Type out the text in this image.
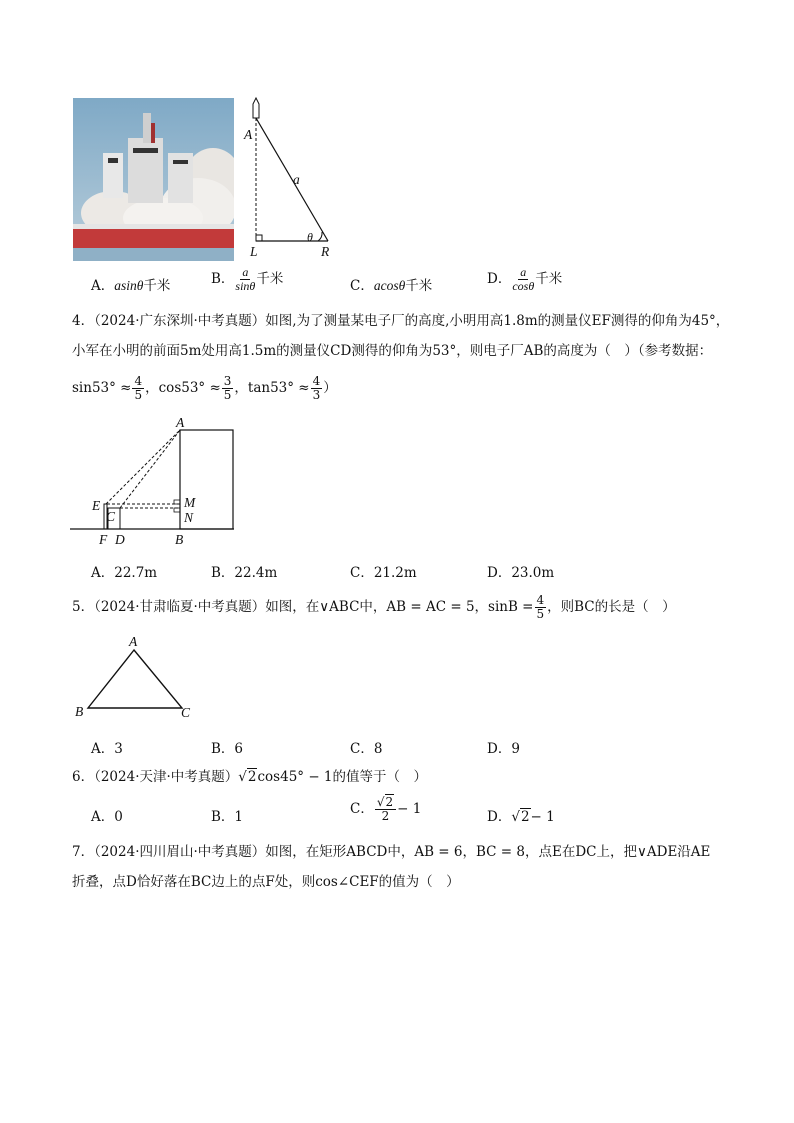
A
a
θ
L	R
A．asinθ千米	B． $\frac{a}{\sin\theta}$ 千米	C．acosθ千米	D． $\frac{a}{\cos\theta}$ 千米
4．（2024·广东深圳·中考真题）如图,为了测量某电子厂的高度,小明用高1.8m的测量仪EF测得的仰角为45°，
小军在小明的前面5m处用高1.5m的测量仪CD测得的仰角为53°，则电子厂AB的高度为（　）（参考数据：
$\sin 53^\circ \approx \frac{4}{5}$ ，$\cos 53^\circ \approx \frac{3}{5}$ ，$\tan 53^\circ \approx \frac{4}{3}$ ）
A
E
C
M
N
F D	B
A．22.7m	B．22.4m	C．21.2m	D．23.0m
5．（2024·甘肃临夏·中考真题）如图，在∨ABC中，AB = AC = 5，$\sin B = \frac{4}{5}$ ，则BC的长是（　）
A
B	C
A．3	B．6	C．8	D．9
6．（2024·天津·中考真题）√2cos45° − 1的值等于（　）
A．0	B．1	C． $\frac{√2}{2} - 1$	D．√2− 1
7．（2024·四川眉山·中考真题）如图，在矩形ABCD中，AB = 6，BC = 8，点E在DC上，把∨ADE沿AE
折叠，点D恰好落在BC边上的点F处，则cos∠CEF的值为（　）
